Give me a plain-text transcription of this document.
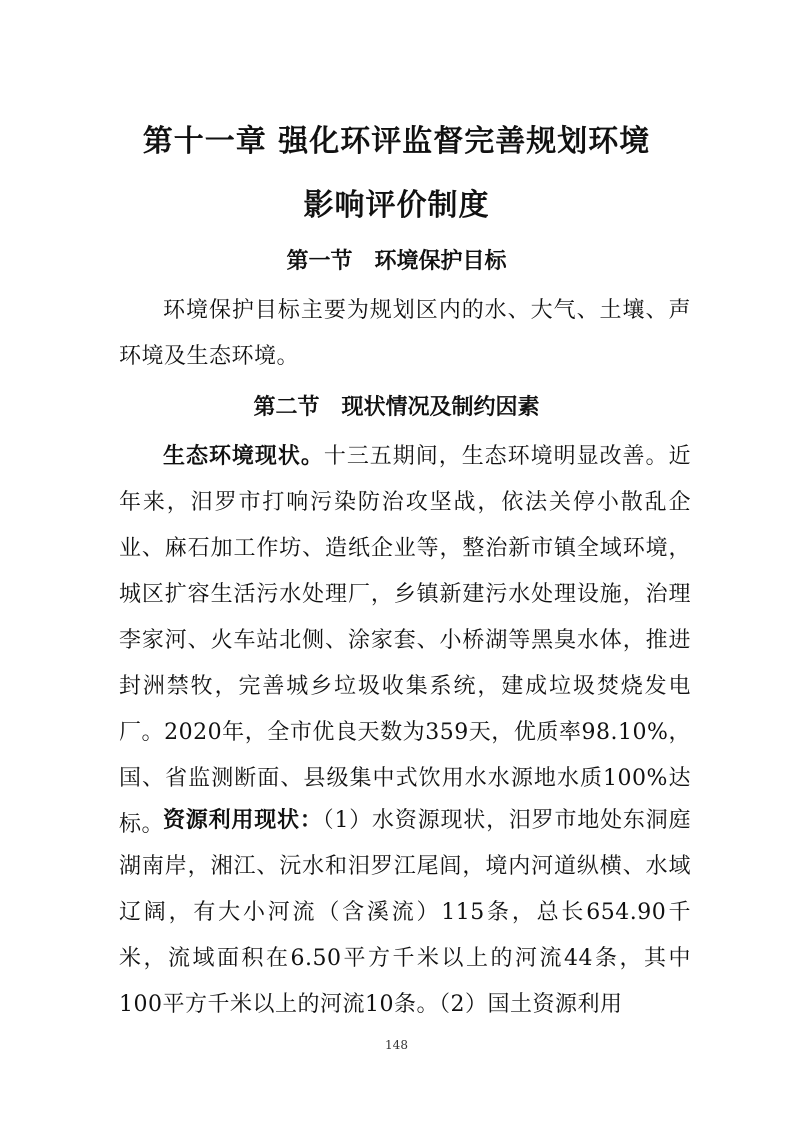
第十一章 强化环评监督完善规划环境
影响评价制度
第一节　环境保护目标

环境保护目标主要为规划区内的水、大气、土壤、声环境及生态环境。

第二节　现状情况及制约因素

生态环境现状。十三五期间，生态环境明显改善。近年来，汨罗市打响污染防治攻坚战，依法关停小散乱企业、麻石加工作坊、造纸企业等，整治新市镇全域环境，城区扩容生活污水处理厂，乡镇新建污水处理设施，治理李家河、火车站北侧、涂家套、小桥湖等黑臭水体，推进封洲禁牧，完善城乡垃圾收集系统，建成垃圾焚烧发电厂。2020年，全市优良天数为359天，优质率98.10%，国、省监测断面、县级集中式饮用水水源地水质100%达标。

资源利用现状：（1）水资源现状，汨罗市地处东洞庭湖南岸，湘江、沅水和汨罗江尾闾，境内河道纵横、水域辽阔，有大小河流（含溪流）115条，总长654.90千米，流域面积在6.50平方千米以上的河流44条，其中100平方千米以上的河流10条。（2）国土资源利用

148
